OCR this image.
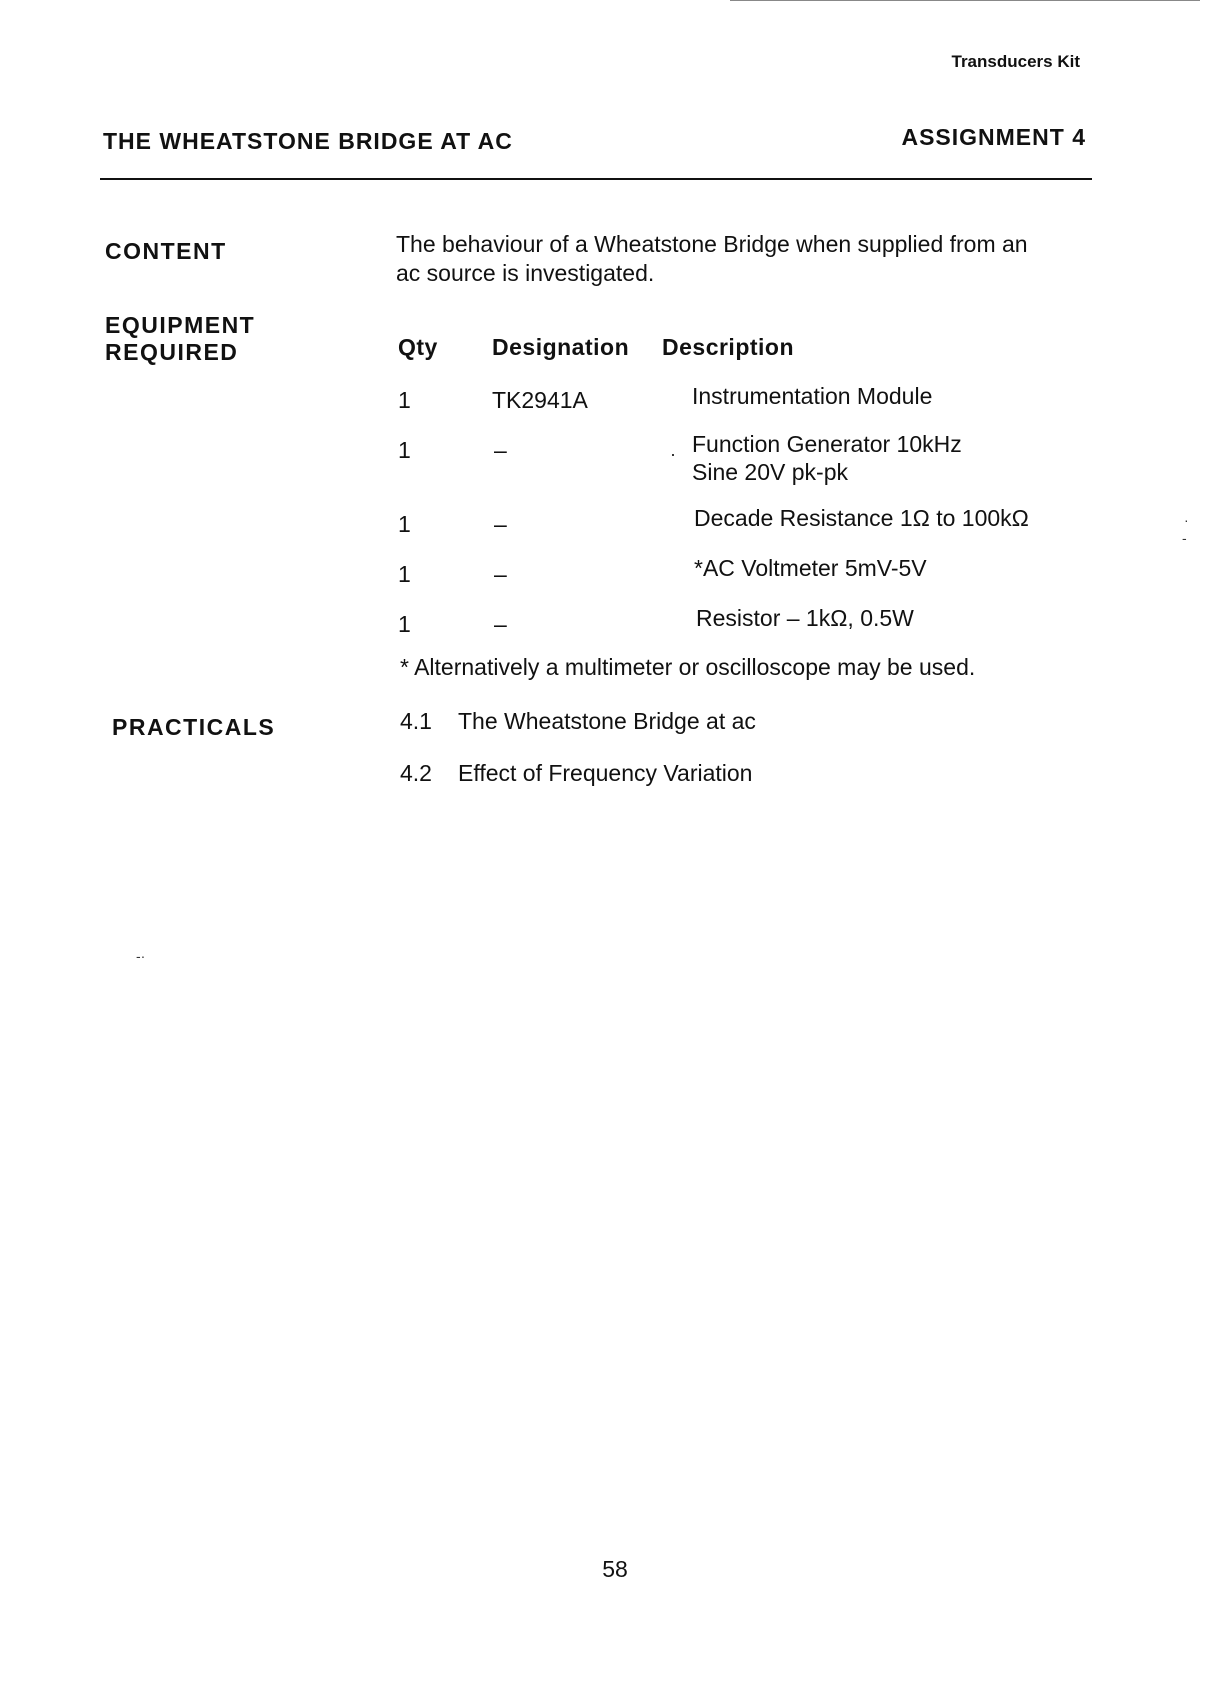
Transducers Kit
THE WHEATSTONE BRIDGE AT AC	ASSIGNMENT 4
CONTENT	The behaviour of a Wheatstone Bridge when supplied from an
ac source is investigated.
EQUIPMENT
REQUIRED	Qty Designation Description
1	TK2941A	Instrumentation Module
1	–	· Function Generator 10kHz
Sine 20V pk-pk
1	–	Decade Resistance 1Ω to 100kΩ
1	–	*AC Voltmeter 5mV-5V
1	–	Resistor – 1kΩ, 0.5W
* Alternatively a multimeter or oscilloscope may be used.
PRACTICALS	4.1 The Wheatstone Bridge at ac
4.2 Effect of Frequency Variation
58
-·
·
-
